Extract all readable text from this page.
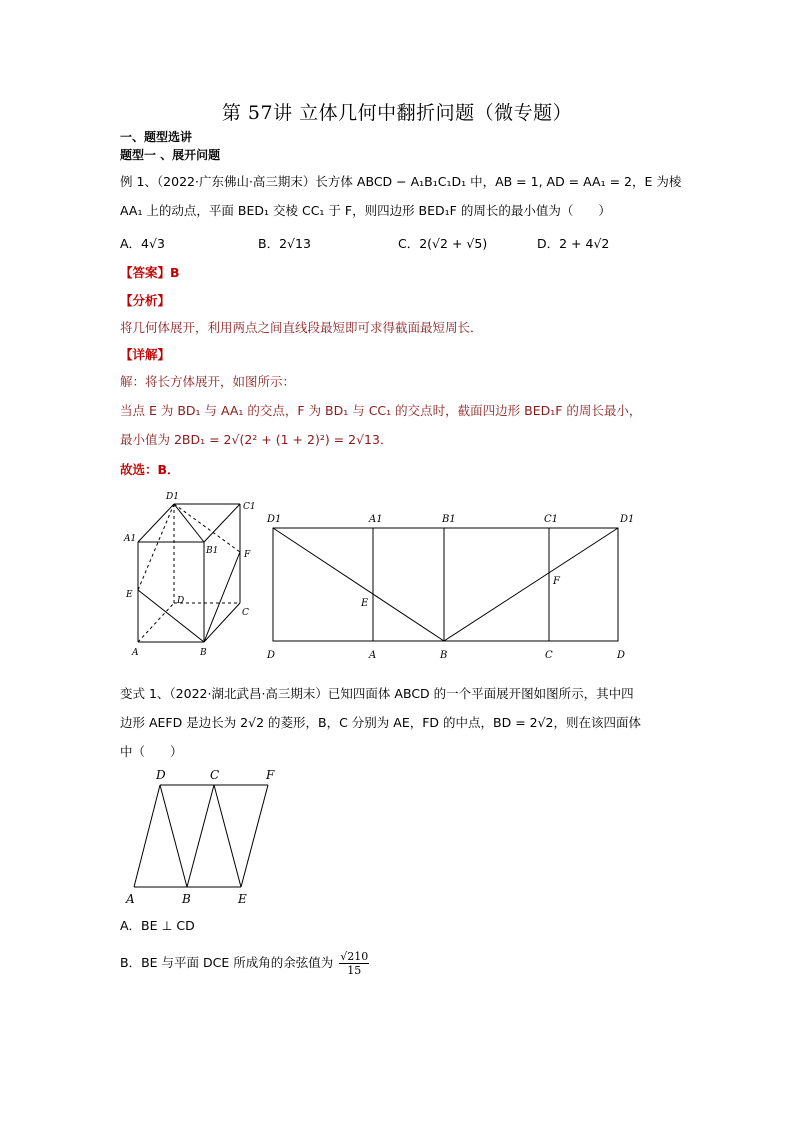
第 57讲 立体几何中翻折问题（微专题）
一、题型选讲
题型一 、展开问题
例 1、（2022·广东佛山·高三期末）长方体 ABCD − A₁B₁C₁D₁ 中，AB = 1, AD = AA₁ = 2，E 为棱
AA₁ 上的动点，平面 BED₁ 交棱 CC₁ 于 F，则四边形 BED₁F 的周长的最小值为（　　）
A．4√3	B．2√13	C．2(√2 + √5)	D．2 + 4√2
【答案】B
【分析】
将几何体展开，利用两点之间直线段最短即可求得截面最短周长．
【详解】
解：将长方体展开，如图所示：
当点 E 为 BD₁ 与 AA₁ 的交点，F 为 BD₁ 与 CC₁ 的交点时，截面四边形 BED₁F 的周长最小，
最小值为 2BD₁ = 2√(2² + (1 + 2)²) = 2√13．
故选：B．
D1
C1
A1
B1	F
E
D
C
A	B
D1	A1	B1	C1	D1
D	A	B	C	D
E
F
变式 1、（2022·湖北武昌·高三期末）已知四面体 ABCD 的一个平面展开图如图所示，其中四
边形 AEFD 是边长为 2√2 的菱形，B，C 分别为 AE，FD 的中点，BD = 2√2，则在该四面体
中（　　）
D	C	F
A	B	E
A．BE ⊥ CD
B．BE 与平面 DCE 所成角的余弦值为 $\frac{√210}{15}$
